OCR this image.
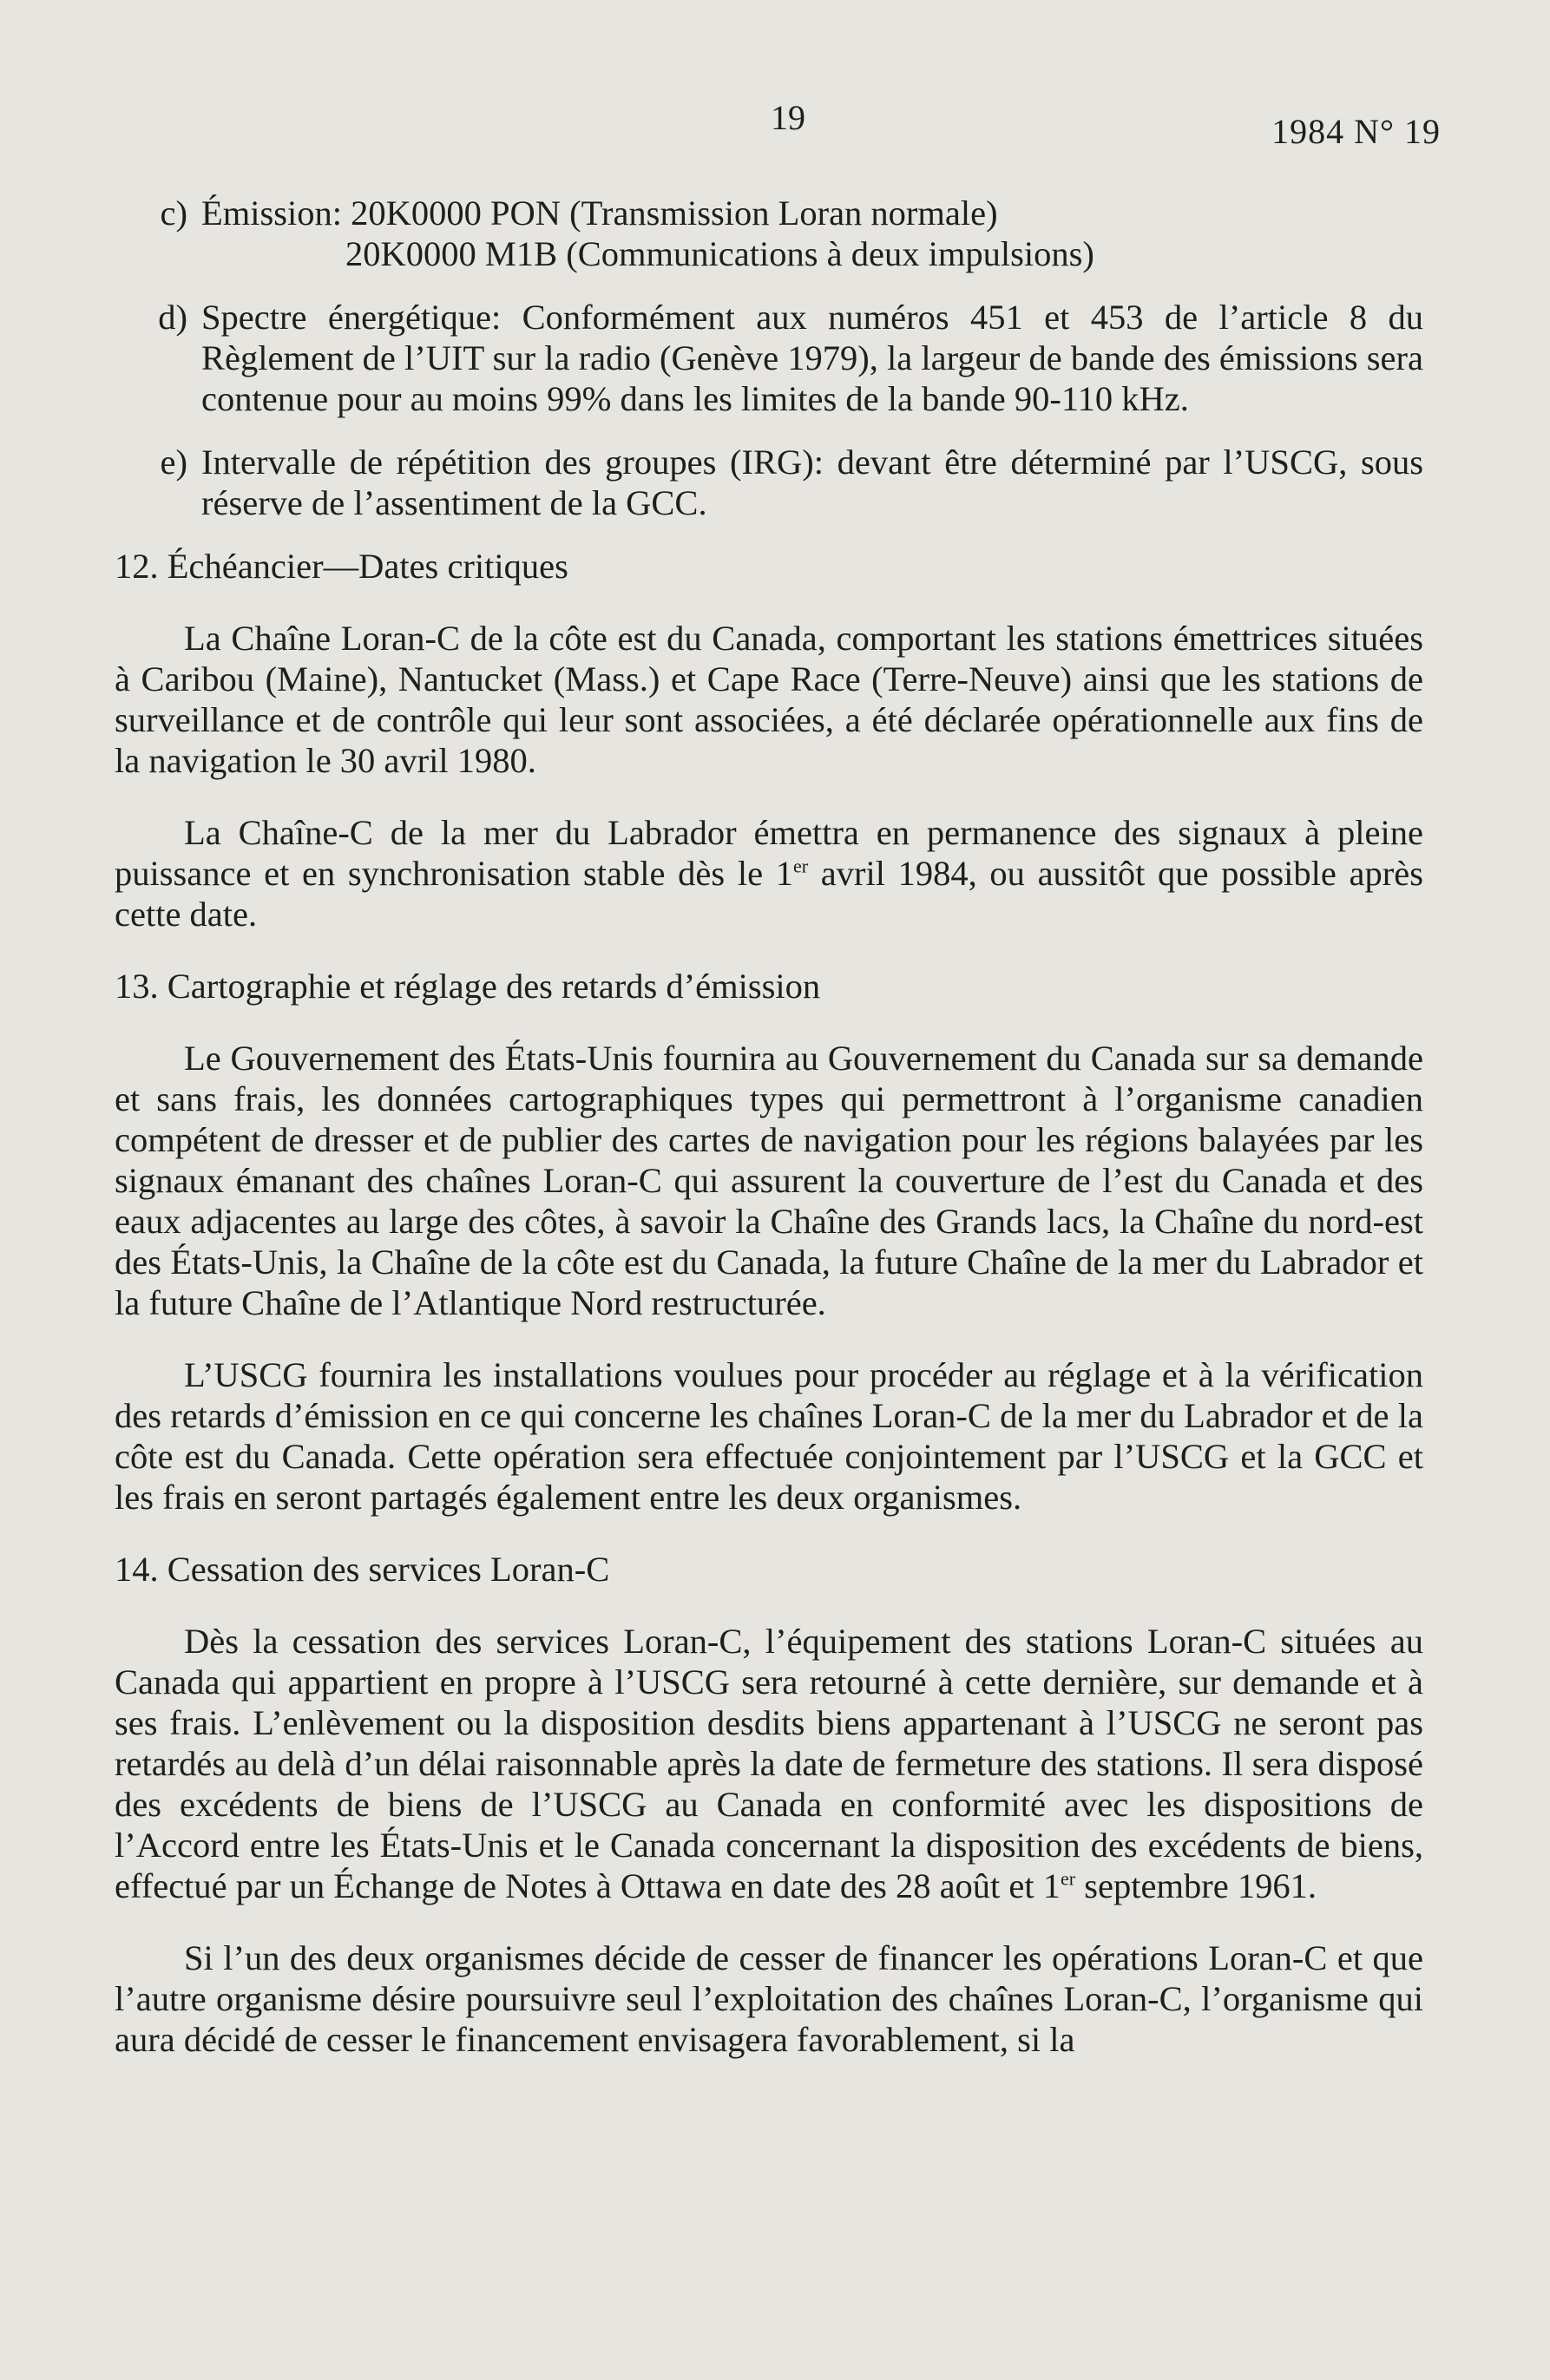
19	1984 N° 19
c) Émission: 20K0000 PON (Transmission Loran normale)
20K0000 M1B (Communications à deux impulsions)
d) Spectre énergétique: Conformément aux numéros 451 et 453 de l’article 8 du Règlement de l’UIT sur la radio (Genève 1979), la largeur de bande des émissions sera contenue pour au moins 99% dans les limites de la bande 90-110 kHz.
e) Intervalle de répétition des groupes (IRG): devant être déterminé par l’USCG, sous réserve de l’assentiment de la GCC.
12. Échéancier—Dates critiques

La Chaîne Loran-C de la côte est du Canada, comportant les stations émettrices situées à Caribou (Maine), Nantucket (Mass.) et Cape Race (Terre-Neuve) ainsi que les stations de surveillance et de contrôle qui leur sont associées, a été déclarée opérationnelle aux fins de la navigation le 30 avril 1980.

La Chaîne-C de la mer du Labrador émettra en permanence des signaux à pleine puissance et en synchronisation stable dès le 1er avril 1984, ou aussitôt que possible après cette date.

13. Cartographie et réglage des retards d’émission

Le Gouvernement des États-Unis fournira au Gouvernement du Canada sur sa demande et sans frais, les données cartographiques types qui permettront à l’organisme canadien compétent de dresser et de publier des cartes de navigation pour les régions balayées par les signaux émanant des chaînes Loran-C qui assurent la couverture de l’est du Canada et des eaux adjacentes au large des côtes, à savoir la Chaîne des Grands lacs, la Chaîne du nord-est des États-Unis, la Chaîne de la côte est du Canada, la future Chaîne de la mer du Labrador et la future Chaîne de l’Atlantique Nord restructurée.

L’USCG fournira les installations voulues pour procéder au réglage et à la vérification des retards d’émission en ce qui concerne les chaînes Loran-C de la mer du Labrador et de la côte est du Canada. Cette opération sera effectuée conjointement par l’USCG et la GCC et les frais en seront partagés également entre les deux organismes.

14. Cessation des services Loran-C

Dès la cessation des services Loran-C, l’équipement des stations Loran-C situées au Canada qui appartient en propre à l’USCG sera retourné à cette dernière, sur demande et à ses frais. L’enlèvement ou la disposition desdits biens appartenant à l’USCG ne seront pas retardés au delà d’un délai raisonnable après la date de fermeture des stations. Il sera disposé des excédents de biens de l’USCG au Canada en conformité avec les dispositions de l’Accord entre les États-Unis et le Canada concernant la disposition des excédents de biens, effectué par un Échange de Notes à Ottawa en date des 28 août et 1er septembre 1961.

Si l’un des deux organismes décide de cesser de financer les opérations Loran-C et que l’autre organisme désire poursuivre seul l’exploitation des chaînes Loran-C, l’organisme qui aura décidé de cesser le financement envisagera favorablement, si la
